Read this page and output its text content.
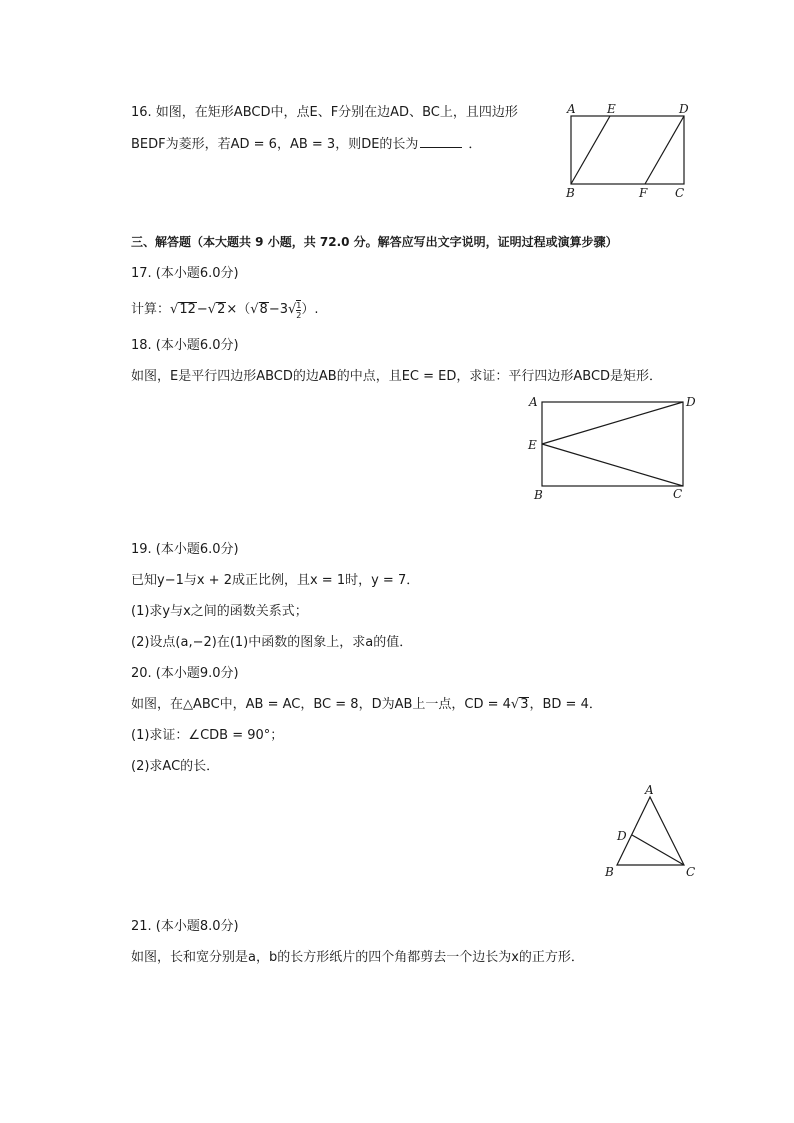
16. 如图，在矩形ABCD中，点E、F分别在边AD、BC上，且四边形
BEDF为菱形，若AD = 6，AB = 3，则DE的长为	．
A	E	D
B	F C
三、解答题（本大题共 9 小题，共 72.0 分。解答应写出文字说明，证明过程或演算步骤）
17. (本小题6.0分)
计算：$√12-√2\times(√8-3√ \frac{1}{2}$ ）.
18. (本小题6.0分)
如图，E是平行四边形ABCD的边AB的中点，且EC = ED，求证：平行四边形ABCD是矩形．
A	D
E
B	C
19. (本小题6.0分)
已知y−1与x + 2成正比例，且x = 1时，y = 7．
(1)求y与x之间的函数关系式；
(2)设点(a,−2)在(1)中函数的图象上，求a的值．
20. (本小题9.0分)
如图，在△ABC中，AB = AC，BC = 8，D为AB上一点，CD = 4√3，BD = 4．
(1)求证：∠CDB = 90°；
(2)求AC的长．
A
D
B	C
21. (本小题8.0分)
如图，长和宽分别是a，b的长方形纸片的四个角都剪去一个边长为x的正方形．
